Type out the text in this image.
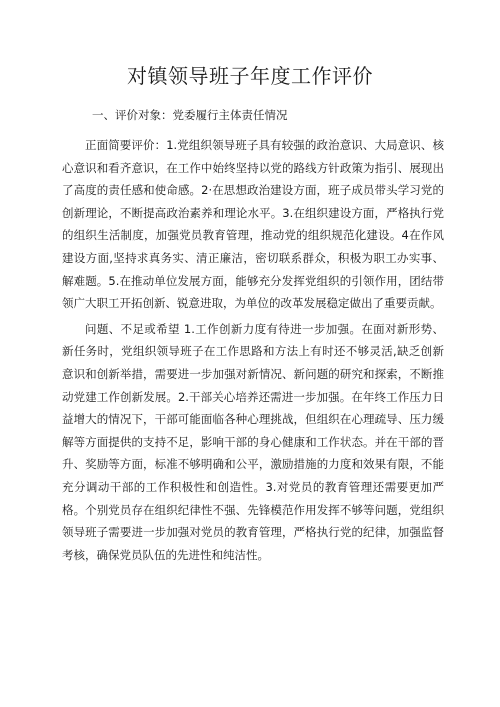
对镇领导班子年度工作评价

一、评价对象：党委履行主体责任情况

正面简要评价：1.党组织领导班子具有较强的政治意识、大局意识、核心意识和看齐意识，在工作中始终坚持以党的路线方针政策为指引、展现出了高度的责任感和使命感。2·在思想政治建设方面，班子成员带头学习党的创新理论，不断提高政治素养和理论水平。3.在组织建设方面，严格执行党的组织生活制度，加强党员教育管理，推动党的组织规范化建设。4在作风建设方面,坚持求真务实、清正廉洁，密切联系群众，积极为职工办实事、解难题。5.在推动单位发展方面，能够充分发挥党组织的引领作用，团结带领广大职工开拓创新、锐意进取，为单位的改革发展稳定做出了重要贡献。

问题、不足或希望 1.工作创新力度有待进一步加强。在面对新形势、新任务时，党组织领导班子在工作思路和方法上有时还不够灵活,缺乏创新意识和创新举措，需要进一步加强对新情况、新问题的研究和探索，不断推动党建工作创新发展。2.干部关心培养还需进一步加强。在年终工作压力日益增大的情况下，干部可能面临各种心理挑战，但组织在心理疏导、压力缓解等方面提供的支持不足，影响干部的身心健康和工作状态。并在干部的晋升、奖励等方面，标准不够明确和公平，激励措施的力度和效果有限，不能充分调动干部的工作积极性和创造性。3.对党员的教育管理还需要更加严格。个别党员存在组织纪律性不强、先锋模范作用发挥不够等问题，党组织领导班子需要进一步加强对党员的教育管理，严格执行党的纪律，加强监督考核，确保党员队伍的先进性和纯洁性。
